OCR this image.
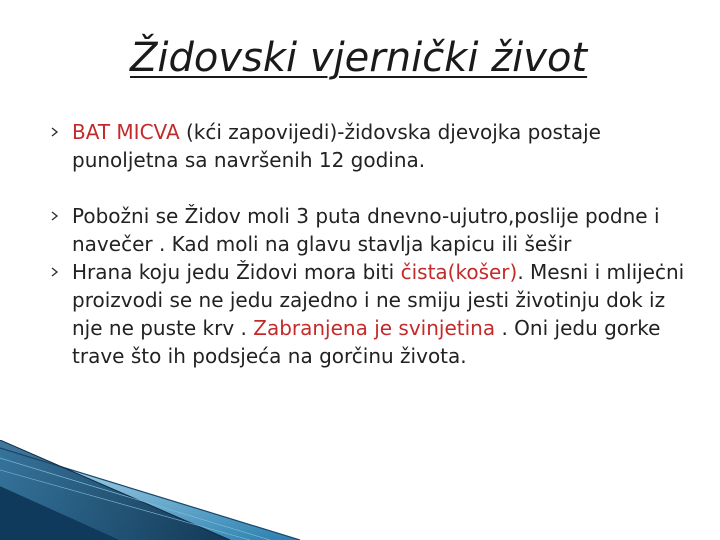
Židovski vjernički život
BAT MICVA (kći zapovijedi)-židovska djevojka postaje punoljetna sa navršenih 12 godina.
Pobožni se Židov moli 3 puta dnevno-ujutro,poslije podne i navečer . Kad moli na glavu stavlja kapicu ili šešir
Hrana koju jedu Židovi mora biti čista(košer). Mesni i mlijeċni proizvodi se ne jedu zajedno i ne smiju jesti životinju dok iz nje ne puste krv . Zabranjena je svinjetina . Oni jedu gorke trave što ih podsjeća na gorčinu života.
